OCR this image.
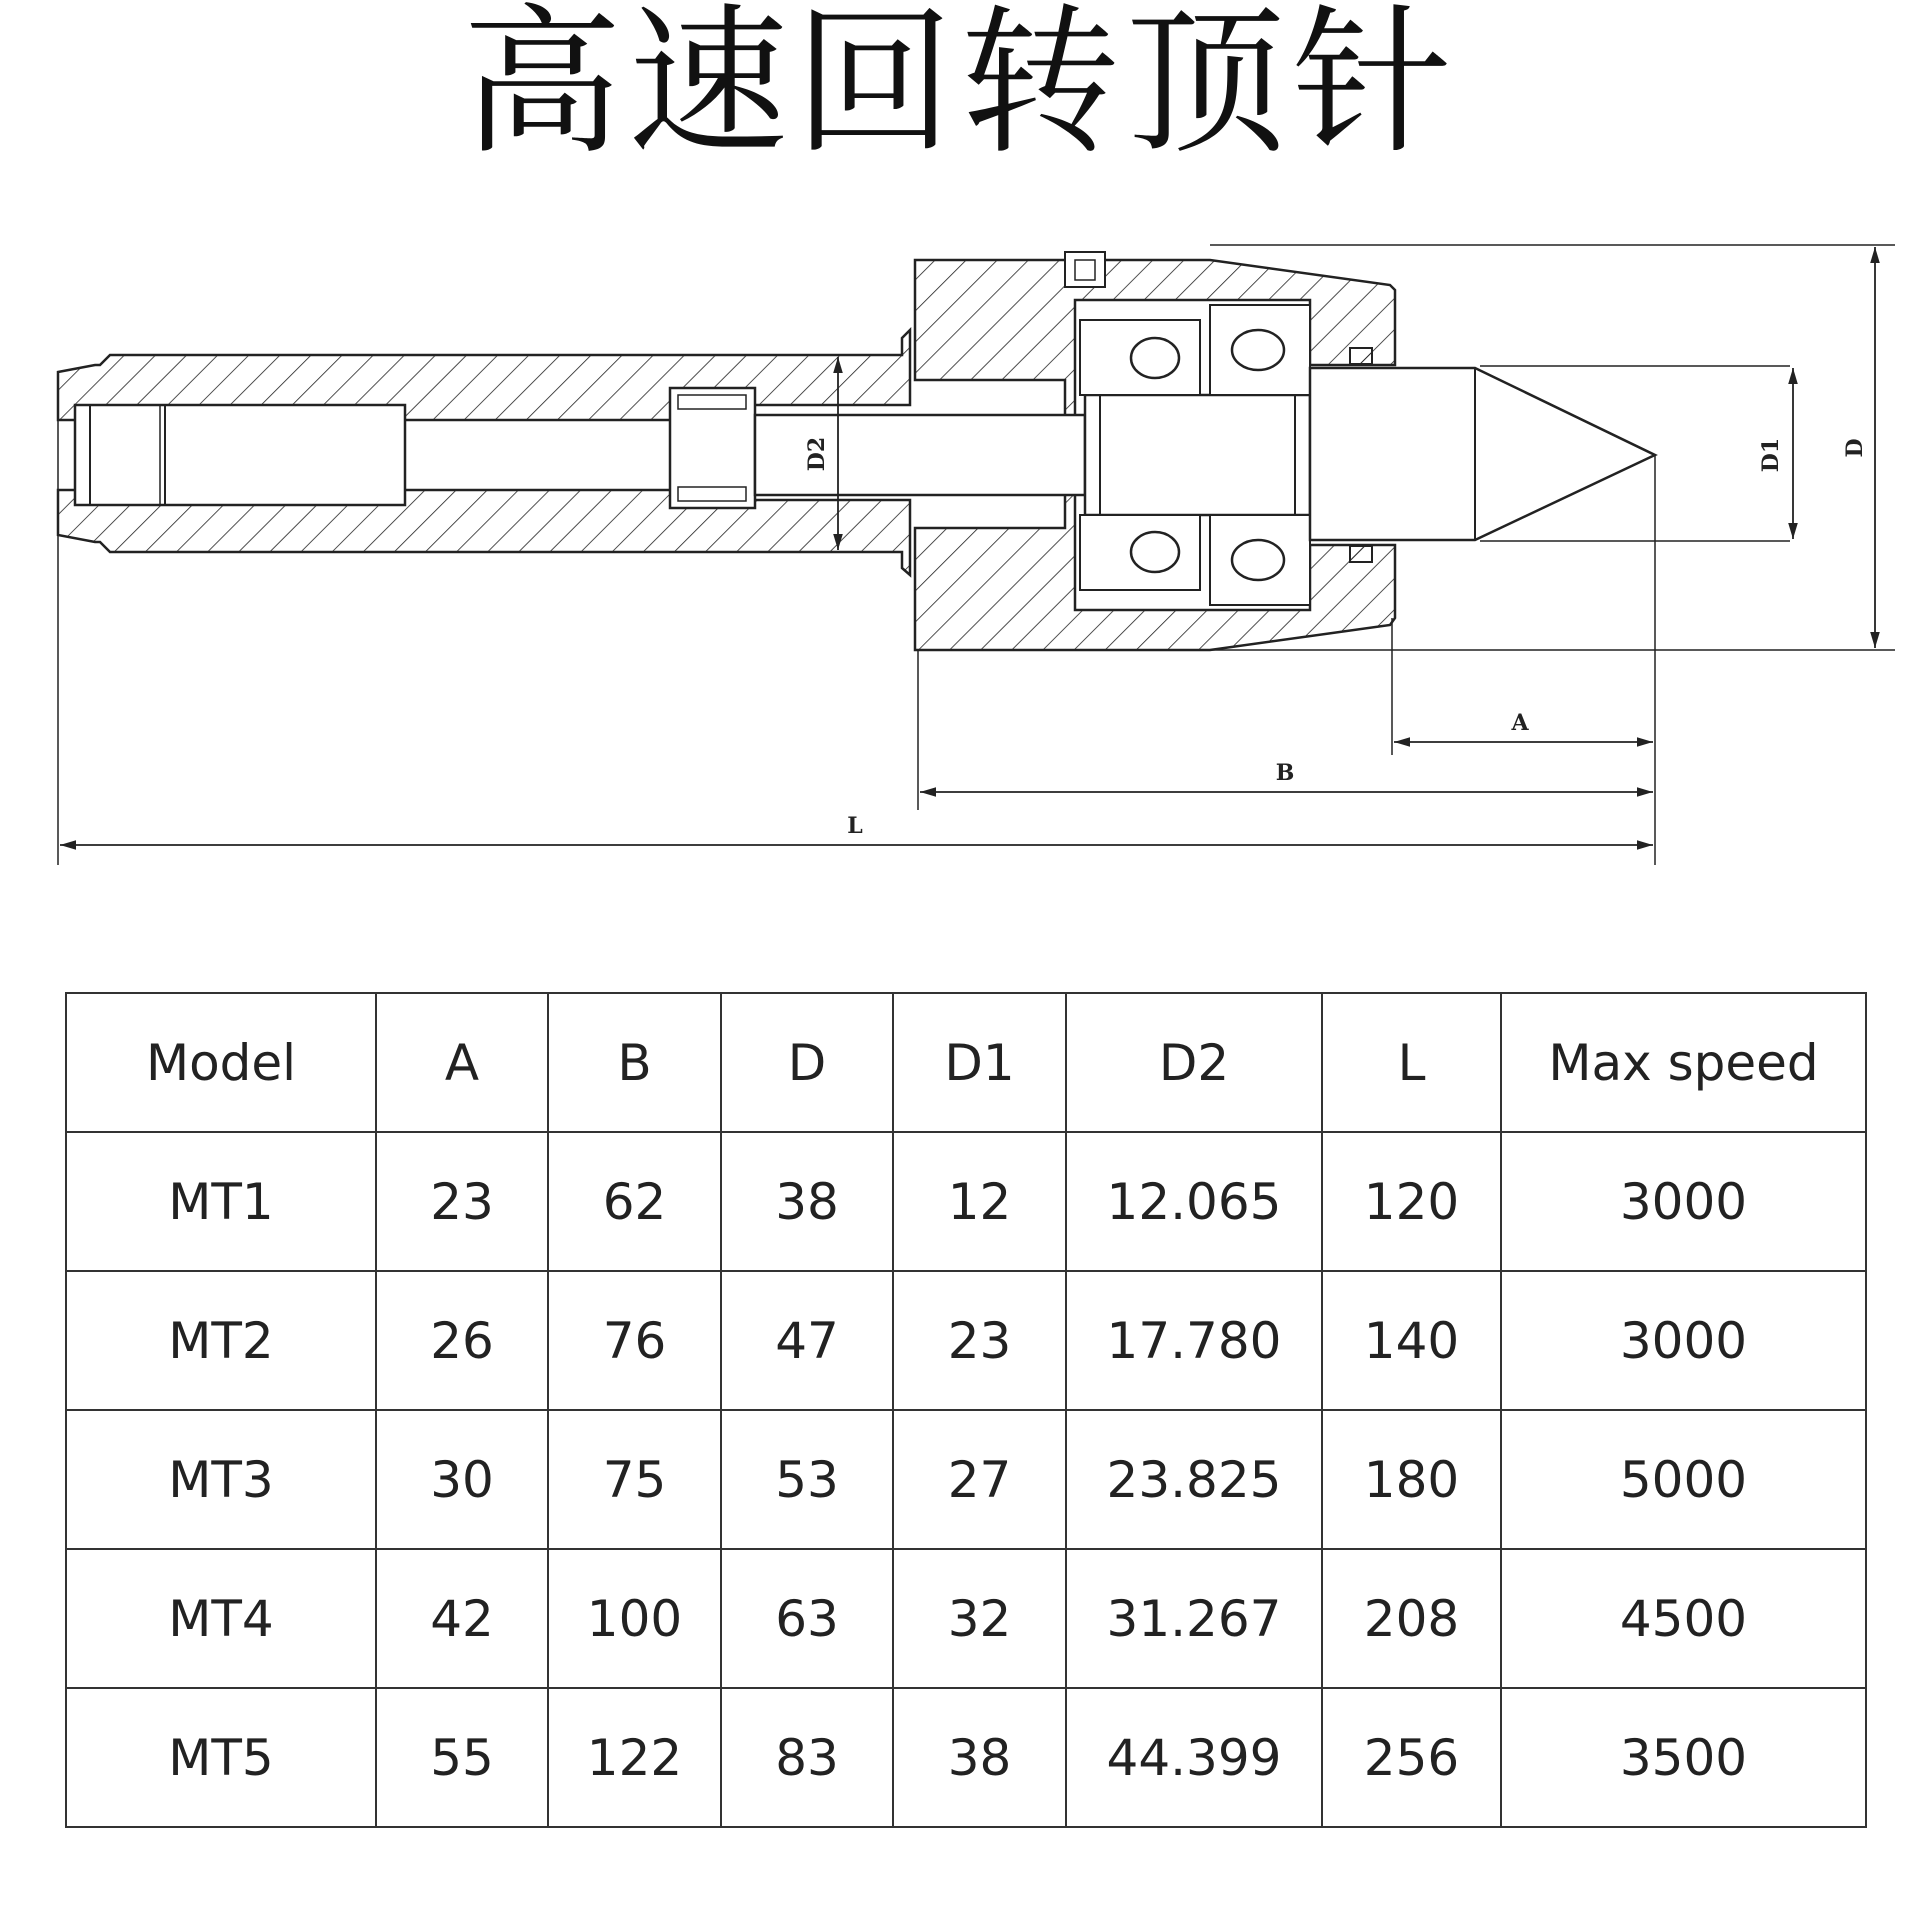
高速回转顶针
A
B
L
D
D1
D2
Model	A	B	D	D1	D2	L	Max speed
MT1	23	62	38	12	12.065	120	3000
MT2	26	76	47	23	17.780	140	3000
MT3	30	75	53	27	23.825	180	5000
MT4	42	100	63	32	31.267	208	4500
MT5	55	122	83	38	44.399	256	3500
